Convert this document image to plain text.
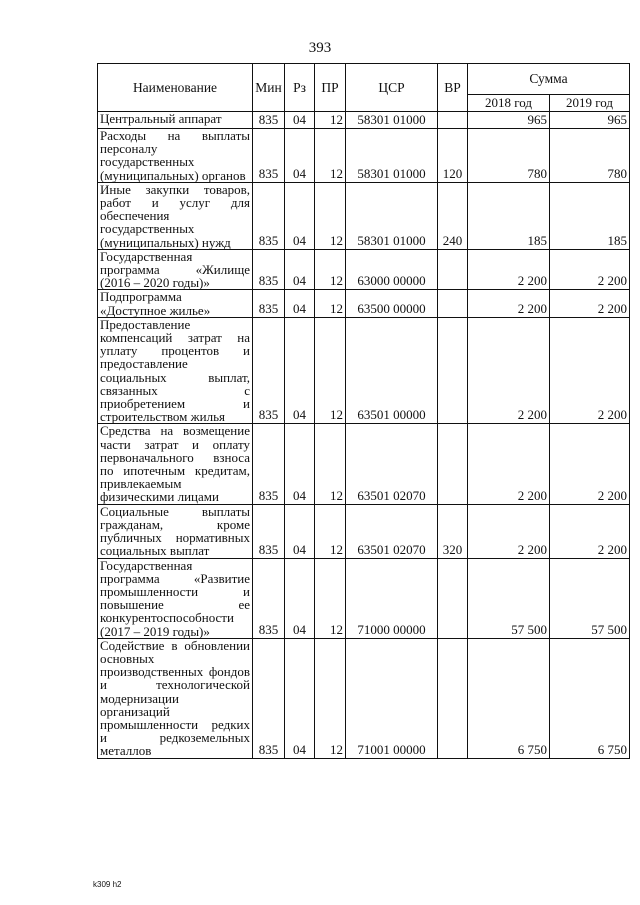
393
Наименование	Мин	Рз	ПР	ЦСР	ВР	Сумма	
						2018 год	2019 год
Центральный аппарат	835	04	12	58301 01000		965	965
Расходы на выплаты персоналу государственных (муниципальных) органов	835	04	12	58301 01000	120	780	780
Иные закупки товаров, работ и услуг для обеспечения государственных (муниципальных) нужд	835	04	12	58301 01000	240	185	185
Государственная программа «Жилище (2016 – 2020 годы)»	835	04	12	63000 00000		2 200	2 200
Подпрограмма «Доступное жилье»	835	04	12	63500 00000		2 200	2 200
Предоставление компенсаций затрат на уплату процентов и предоставление социальных выплат, связанных с приобретением и строительством жилья	835	04	12	63501 00000		2 200	2 200
Средства на возмещение части затрат и оплату первоначального взноса по ипотечным кредитам, привлекаемым физическими лицами	835	04	12	63501 02070		2 200	2 200
Социальные выплаты гражданам, кроме публичных нормативных социальных выплат	835	04	12	63501 02070	320	2 200	2 200
Государственная программа «Развитие промышленности и повышение ее конкурентоспособности (2017 – 2019 годы)»	835	04	12	71000 00000		57 500	57 500
Содействие в обновлении основных производственных фондов и технологической модернизации организаций промышленности редких и редкоземельных металлов	835	04	12	71001 00000		6 750	6 750
k309 h2
